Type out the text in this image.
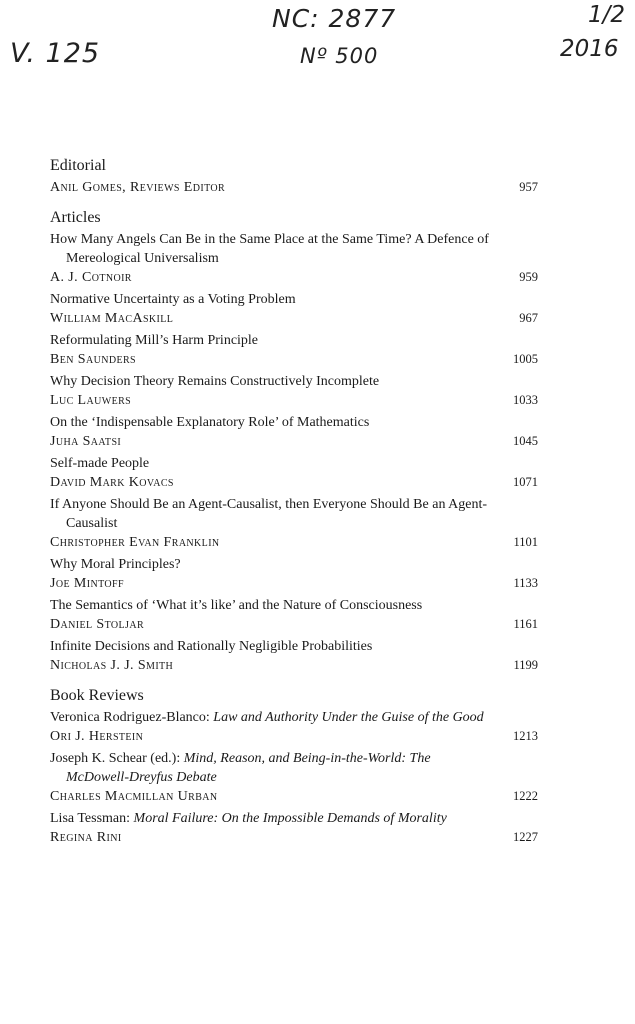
V. 125
NC: 2877
Nº 500
1/2
2016
Editorial
Anil Gomes, Reviews Editor	957
Articles
How Many Angels Can Be in the Same Place at the Same Time? A Defence of Mereological Universalism
A. J. Cotnoir	959
Normative Uncertainty as a Voting Problem
William MacAskill	967
Reformulating Mill’s Harm Principle
Ben Saunders	1005
Why Decision Theory Remains Constructively Incomplete
Luc Lauwers	1033
On the ‘Indispensable Explanatory Role’ of Mathematics
Juha Saatsi	1045
Self-made People
David Mark Kovacs	1071
If Anyone Should Be an Agent-Causalist, then Everyone Should Be an Agent-Causalist
Christopher Evan Franklin	1101
Why Moral Principles?
Joe Mintoff	1133
The Semantics of ‘What it’s like’ and the Nature of Consciousness
Daniel Stoljar	1161
Infinite Decisions and Rationally Negligible Probabilities
Nicholas J. J. Smith	1199
Book Reviews
Veronica Rodriguez-Blanco: Law and Authority Under the Guise of the Good
Ori J. Herstein	1213
Joseph K. Schear (ed.): Mind, Reason, and Being-in-the-World: The McDowell-Dreyfus Debate
Charles Macmillan Urban	1222
Lisa Tessman: Moral Failure: On the Impossible Demands of Morality
Regina Rini	1227
